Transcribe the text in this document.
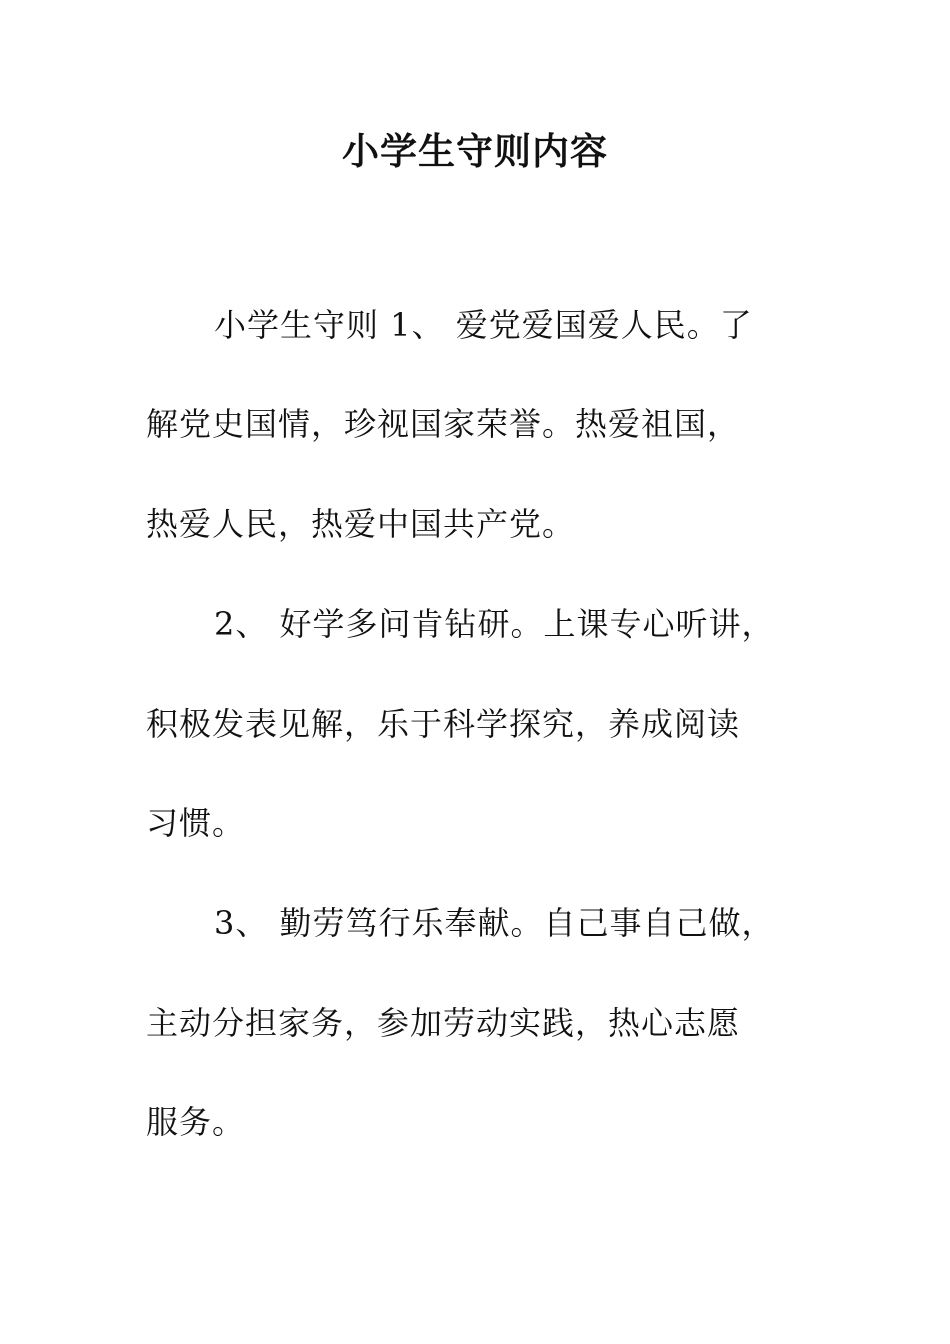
小学生守则内容
小学生守则 1、 爱党爱国爱人民。了
解党史国情，珍视国家荣誉。热爱祖国，
热爱人民，热爱中国共产党。
2、 好学多问肯钻研。上课专心听讲，
积极发表见解，乐于科学探究，养成阅读
习惯。
3、 勤劳笃行乐奉献。自己事自己做，
主动分担家务，参加劳动实践，热心志愿
服务。
